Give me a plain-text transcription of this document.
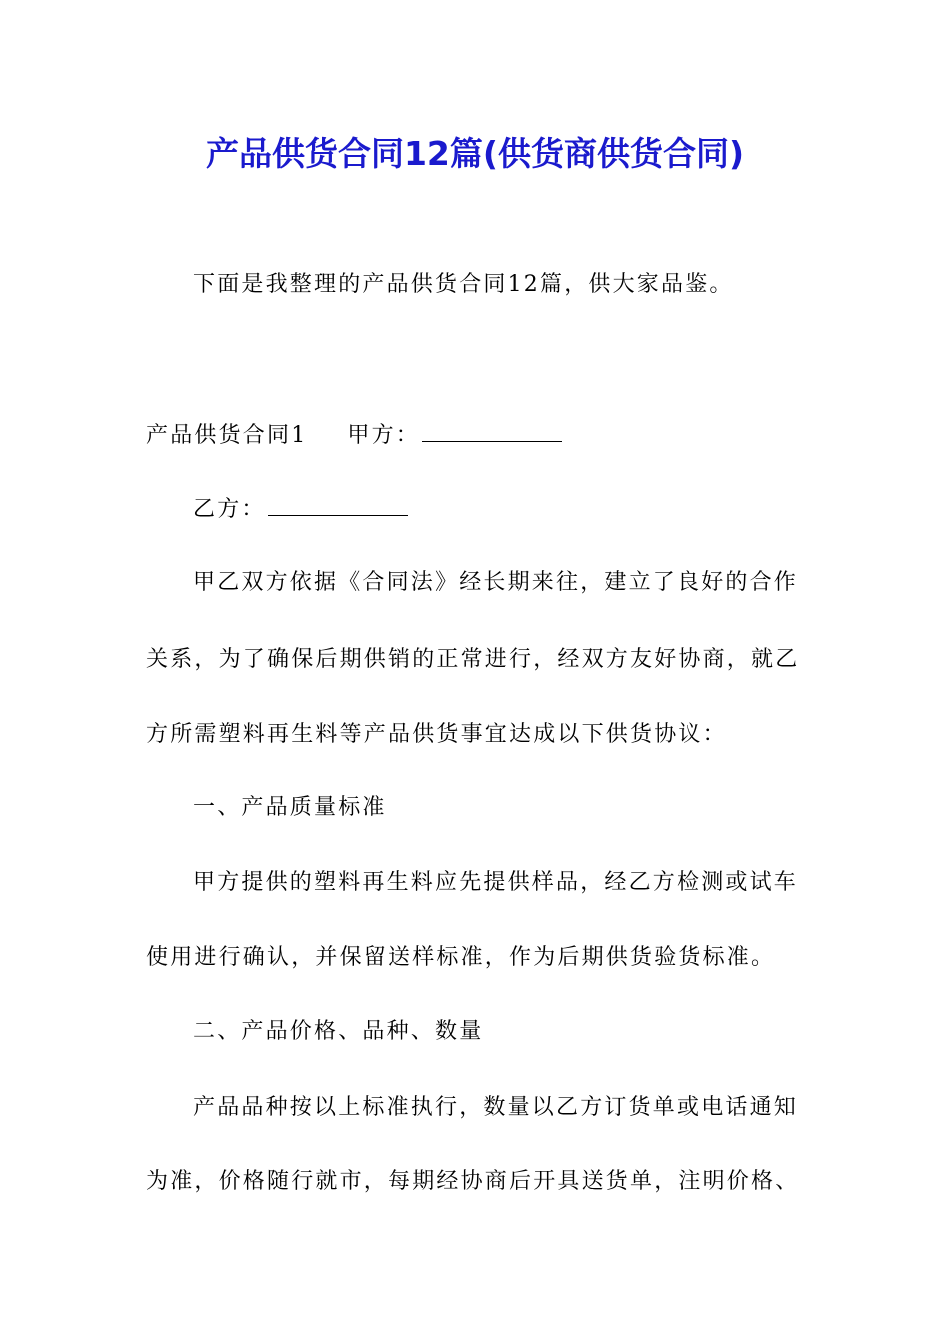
产品供货合同12篇(供货商供货合同)
下面是我整理的产品供货合同12篇，供大家品鉴。
产品供货合同1 甲方：
乙方：
甲乙双方依据《合同法》经长期来往，建立了良好的合作
关系，为了确保后期供销的正常进行，经双方友好协商，就乙
方所需塑料再生料等产品供货事宜达成以下供货协议：
一、产品质量标准
甲方提供的塑料再生料应先提供样品，经乙方检测或试车
使用进行确认，并保留送样标准，作为后期供货验货标准。
二、产品价格、品种、数量
产品品种按以上标准执行，数量以乙方订货单或电话通知
为准，价格随行就市，每期经协商后开具送货单，注明价格、
